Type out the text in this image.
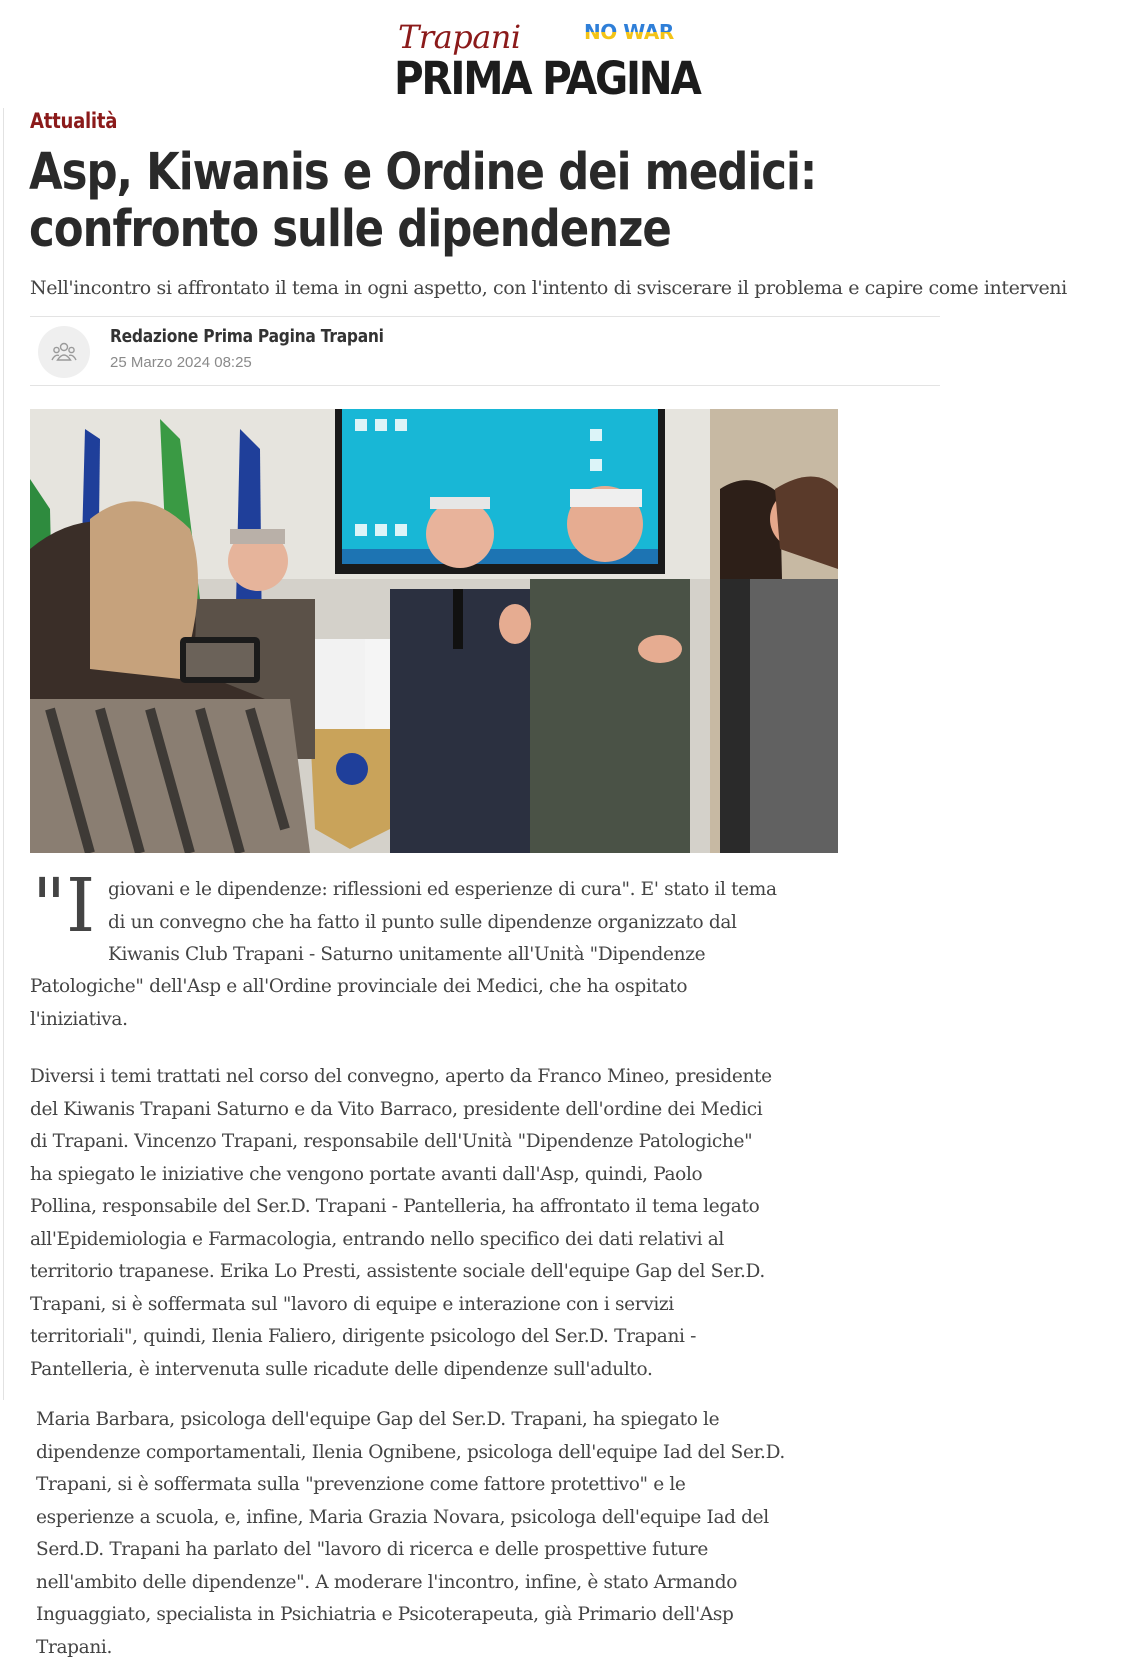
Trapani	NO WAR
PRIMA PAGINA
Attualità
Asp, Kiwanis e Ordine dei medici: confronto sulle dipendenze
Nell'incontro si affrontato il tema in ogni aspetto, con l'intento di sviscerare il problema e capire come interveni
Redazione Prima Pagina Trapani
25 Marzo 2024 08:25
"I giovani e le dipendenze: riflessioni ed esperienze di cura". E' stato il tema
di un convegno che ha fatto il punto sulle dipendenze organizzato dal
Kiwanis Club Trapani - Saturno unitamente all'Unità "Dipendenze
Patologiche" dell'Asp e all'Ordine provinciale dei Medici, che ha ospitato
l'iniziativa.
Diversi i temi trattati nel corso del convegno, aperto da Franco Mineo, presidente
del Kiwanis Trapani Saturno e da Vito Barraco, presidente dell'ordine dei Medici
di Trapani. Vincenzo Trapani, responsabile dell'Unità "Dipendenze Patologiche"
ha spiegato le iniziative che vengono portate avanti dall'Asp, quindi, Paolo
Pollina, responsabile del Ser.D. Trapani - Pantelleria, ha affrontato il tema legato
all'Epidemiologia e Farmacologia, entrando nello specifico dei dati relativi al
territorio trapanese. Erika Lo Presti, assistente sociale dell'equipe Gap del Ser.D.
Trapani, si è soffermata sul "lavoro di equipe e interazione con i servizi
territoriali", quindi, Ilenia Faliero, dirigente psicologo del Ser.D. Trapani -
Pantelleria, è intervenuta sulle ricadute delle dipendenze sull'adulto.
Maria Barbara, psicologa dell'equipe Gap del Ser.D. Trapani, ha spiegato le
dipendenze comportamentali, Ilenia Ognibene, psicologa dell'equipe Iad del Ser.D.
Trapani, si è soffermata sulla "prevenzione come fattore protettivo" e le
esperienze a scuola, e, infine, Maria Grazia Novara, psicologa dell'equipe Iad del
Serd.D. Trapani ha parlato del "lavoro di ricerca e delle prospettive future
nell'ambito delle dipendenze". A moderare l'incontro, infine, è stato Armando
Inguaggiato, specialista in Psichiatria e Psicoterapeuta, già Primario dell'Asp
Trapani.
